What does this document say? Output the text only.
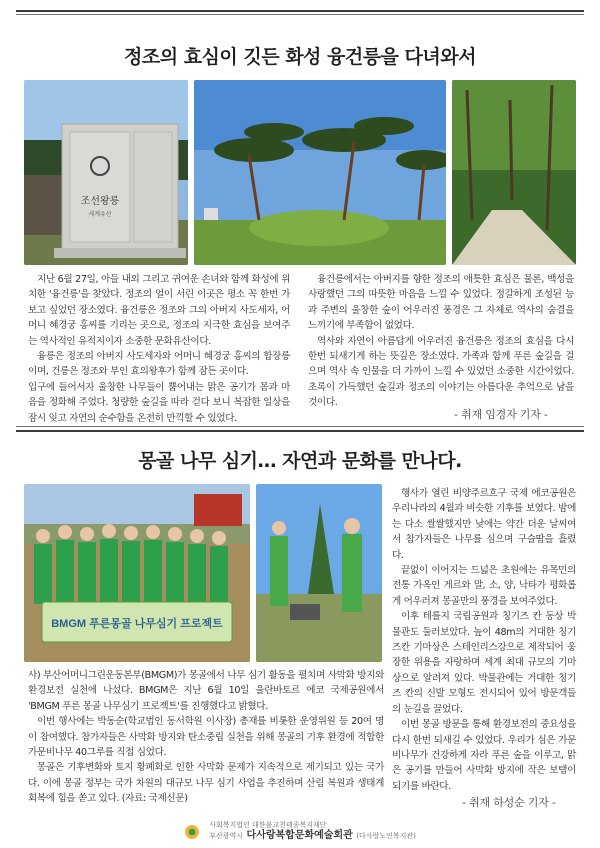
정조의 효심이 깃든 화성 융건릉을 다녀와서
조선왕릉
세계유산

지난 6월 27일, 아들 내외 그리고 귀여운 손녀와 함께 화성에 위치한 '융건릉'을 찾았다. 정조의 얼이 서린 이곳은 평소 꼭 한번 가보고 싶었던 장소였다. 융건릉은 정조와 그의 아버지 사도세자, 어머니 혜경궁 홍씨를 기리는 곳으로, 정조의 지극한 효심을 보여주는 역사적인 유적지이자 소중한 문화유산이다.

융릉은 정조의 아버지 사도세자와 어머니 혜경궁 홍씨의 합장릉이며, 건릉은 정조와 부인 효의왕후가 함께 잠든 곳이다.

입구에 들어서자 울창한 나무들이 뿜어내는 맑은 공기가 몸과 마음을 정화해 주었다. 청량한 숲길을 따라 걷다 보니 복잡한 일상을 잠시 잊고 자연의 순수함을 온전히 만끽할 수 있었다.

융건릉에서는 아버지를 향한 정조의 애틋한 효심은 물론, 백성을 사랑했던 그의 따뜻한 마음을 느낄 수 있었다. 정갈하게 조성된 능과 주변의 울창한 숲이 어우러진 풍경은 그 자체로 역사의 숨결을 느끼기에 부족함이 없었다.

역사와 자연이 아름답게 어우러진 융건릉은 정조의 효심을 다시 한번 되새기게 하는 뜻깊은 장소였다. 가족과 함께 푸른 숲길을 걸으며 역사 속 인물을 더 가까이 느낄 수 있었던 소중한 시간이었다. 초록이 가득했던 숲길과 정조의 이야기는 아름다운 추억으로 남을 것이다.

- 취재 임경자 기자 -
몽골 나무 심기… 자연과 문화를 만나다.
BMGM 푸른몽골 나무심기 프로젝트

행사가 열린 비양주르흐구 국제 에코공원은 우리나라의 4월과 비슷한 기후를 보였다. 밤에는 다소 쌀쌀했지만 낮에는 약간 더운 날씨여서 참가자들은 나무를 심으며 구슬땀을 흘렸다.

끝없이 이어지는 드넓은 초원에는 유목민의 전통 가옥인 게르와 말, 소, 양, 낙타가 평화롭게 어우러져 몽골만의 풍경을 보여주었다.

이후 테를지 국립공원과 칭기즈 칸 동상 박물관도 둘러보았다. 높이 48m의 거대한 칭기즈칸 기마상은 스테인리스강으로 제작되어 웅장한 위용을 자랑하며 세계 최대 규모의 기마상으로 알려져 있다. 박물관에는 거대한 칭기즈 칸의 신발 모형도 전시되어 있어 방문객들의 눈길을 끌었다.

이번 몽골 방문을 통해 환경보전의 중요성을 다시 한번 되새길 수 있었다. 우리가 심은 가문 비나무가 건강하게 자라 푸른 숲을 이루고, 맑은 공기를 만들어 사막화 방지에 작은 보탬이 되기를 바란다.

사) 부산어머니그린운동본부(BMGM)가 몽골에서 나무 심기 활동을 펼치며 사막화 방지와 환경보전 실천에 나섰다. BMGM은 지난 6월 10일 울란바토르 에코 국제공원에서 'BMGM 푸른 몽골 나무심기 프로젝트'를 진행했다고 밝혔다.

이번 행사에는 박동순(학교법인 동서학원 이사장) 총재를 비롯한 운영위원 등 20여 명이 참여했다. 참가자들은 사막화 방지와 탄소중립 실천을 위해 몽골의 기후 환경에 적합한 가문비나무 40그루를 직접 심었다.

몽골은 기후변화와 토지 황폐화로 인한 사막화 문제가 지속적으로 제기되고 있는 국가다. 이에 몽골 정부는 국가 차원의 대규모 나무 심기 사업을 추진하며 산림 복원과 생태계 회복에 힘을 쏟고 있다. (자료: 국제신문)	- 취재 하성순 기자 -

사회복지법인 대한불교천태종복지재단
부산광역시 다사랑복합문화예술회관 (다사랑노인복지관)
